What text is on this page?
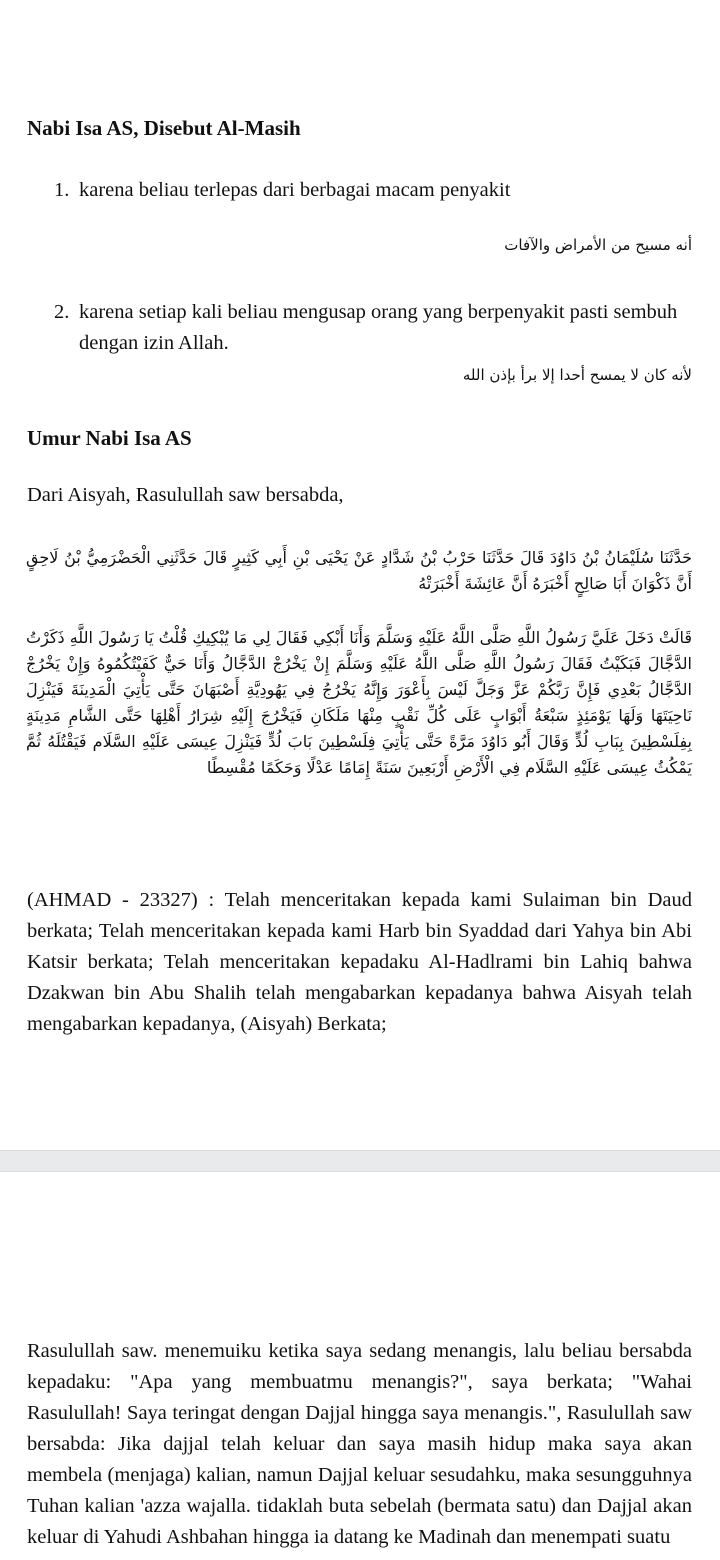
Nabi Isa AS, Disebut Al-Masih
1. karena beliau terlepas dari berbagai macam penyakit
أنه مسيح من الأمراض والآفات
2. karena setiap kali beliau mengusap orang yang berpenyakit pasti sembuh dengan izin Allah.
لأنه كان لا يمسح أحدا إلا برأ بإذن الله
Umur Nabi Isa AS
Dari Aisyah, Rasulullah saw bersabda,
حَدَّثَنَا سُلَيْمَانُ بْنُ دَاوُدَ قَالَ حَدَّثَنَا حَرْبُ بْنُ شَدَّادٍ عَنْ يَحْيَى بْنِ أَبِي كَثِيرٍ قَالَ حَدَّثَنِي الْحَضْرَمِيُّ بْنُ لَاحِقٍ أَنَّ ذَكْوَانَ أَبَا صَالِحٍ أَخْبَرَهُ أَنَّ عَائِشَةَ أَخْبَرَتْهُ
قَالَتْ دَخَلَ عَلَيَّ رَسُولُ اللَّهِ صَلَّى اللَّهُ عَلَيْهِ وَسَلَّمَ وَأَنَا أَبْكِي فَقَالَ لِي مَا يُبْكِيكِ قُلْتُ يَا رَسُولَ اللَّهِ ذَكَرْتُ الدَّجَّالَ فَبَكَيْتُ فَقَالَ رَسُولُ اللَّهِ صَلَّى اللَّهُ عَلَيْهِ وَسَلَّمَ إِنْ يَخْرُجْ الدَّجَّالُ وَأَنَا حَيٌّ كَفَيْتُكُمُوهُ وَإِنْ يَخْرُجْ الدَّجَّالُ بَعْدِي فَإِنَّ رَبَّكُمْ عَزَّ وَجَلَّ لَيْسَ بِأَعْوَرَ وَإِنَّهُ يَخْرُجُ فِي يَهُودِيَّةِ أَصْبَهَانَ حَتَّى يَأْتِيَ الْمَدِينَةَ فَيَنْزِلَ نَاحِيَتَهَا وَلَهَا يَوْمَئِذٍ سَبْعَةُ أَبْوَابٍ عَلَى كُلِّ نَقْبٍ مِنْهَا مَلَكَانِ فَيَخْرُجَ إِلَيْهِ شِرَارُ أَهْلِهَا حَتَّى الشَّامِ مَدِينَةٍ بِفِلَسْطِينَ بِبَابِ لُدٍّ وَقَالَ أَبُو دَاوُدَ مَرَّةً حَتَّى يَأْتِيَ فِلَسْطِينَ بَابَ لُدٍّ فَيَنْزِلَ عِيسَى عَلَيْهِ السَّلَام فَيَقْتُلَهُ ثُمَّ يَمْكُثُ عِيسَى عَلَيْهِ السَّلَام فِي الْأَرْضِ أَرْبَعِينَ سَنَةً إِمَامًا عَدْلًا وَحَكَمًا مُقْسِطًا
(AHMAD - 23327) : Telah menceritakan kepada kami Sulaiman bin Daud berkata; Telah menceritakan kepada kami Harb bin Syaddad dari Yahya bin Abi Katsir berkata; Telah menceritakan kepadaku Al-Hadlrami bin Lahiq bahwa Dzakwan bin Abu Shalih telah mengabarkan kepadanya bahwa Aisyah telah mengabarkan kepadanya, (Aisyah) Berkata;
Rasulullah saw. menemuiku ketika saya sedang menangis, lalu beliau bersabda kepadaku: "Apa yang membuatmu menangis?", saya berkata; "Wahai Rasulullah! Saya teringat dengan Dajjal hingga saya menangis.", Rasulullah saw bersabda: Jika dajjal telah keluar dan saya masih hidup maka saya akan membela (menjaga) kalian, namun Dajjal keluar sesudahku, maka sesungguhnya Tuhan kalian 'azza wajalla. tidaklah buta sebelah (bermata satu) dan Dajjal akan keluar di Yahudi Ashbahan hingga ia datang ke Madinah dan menempati suatu
